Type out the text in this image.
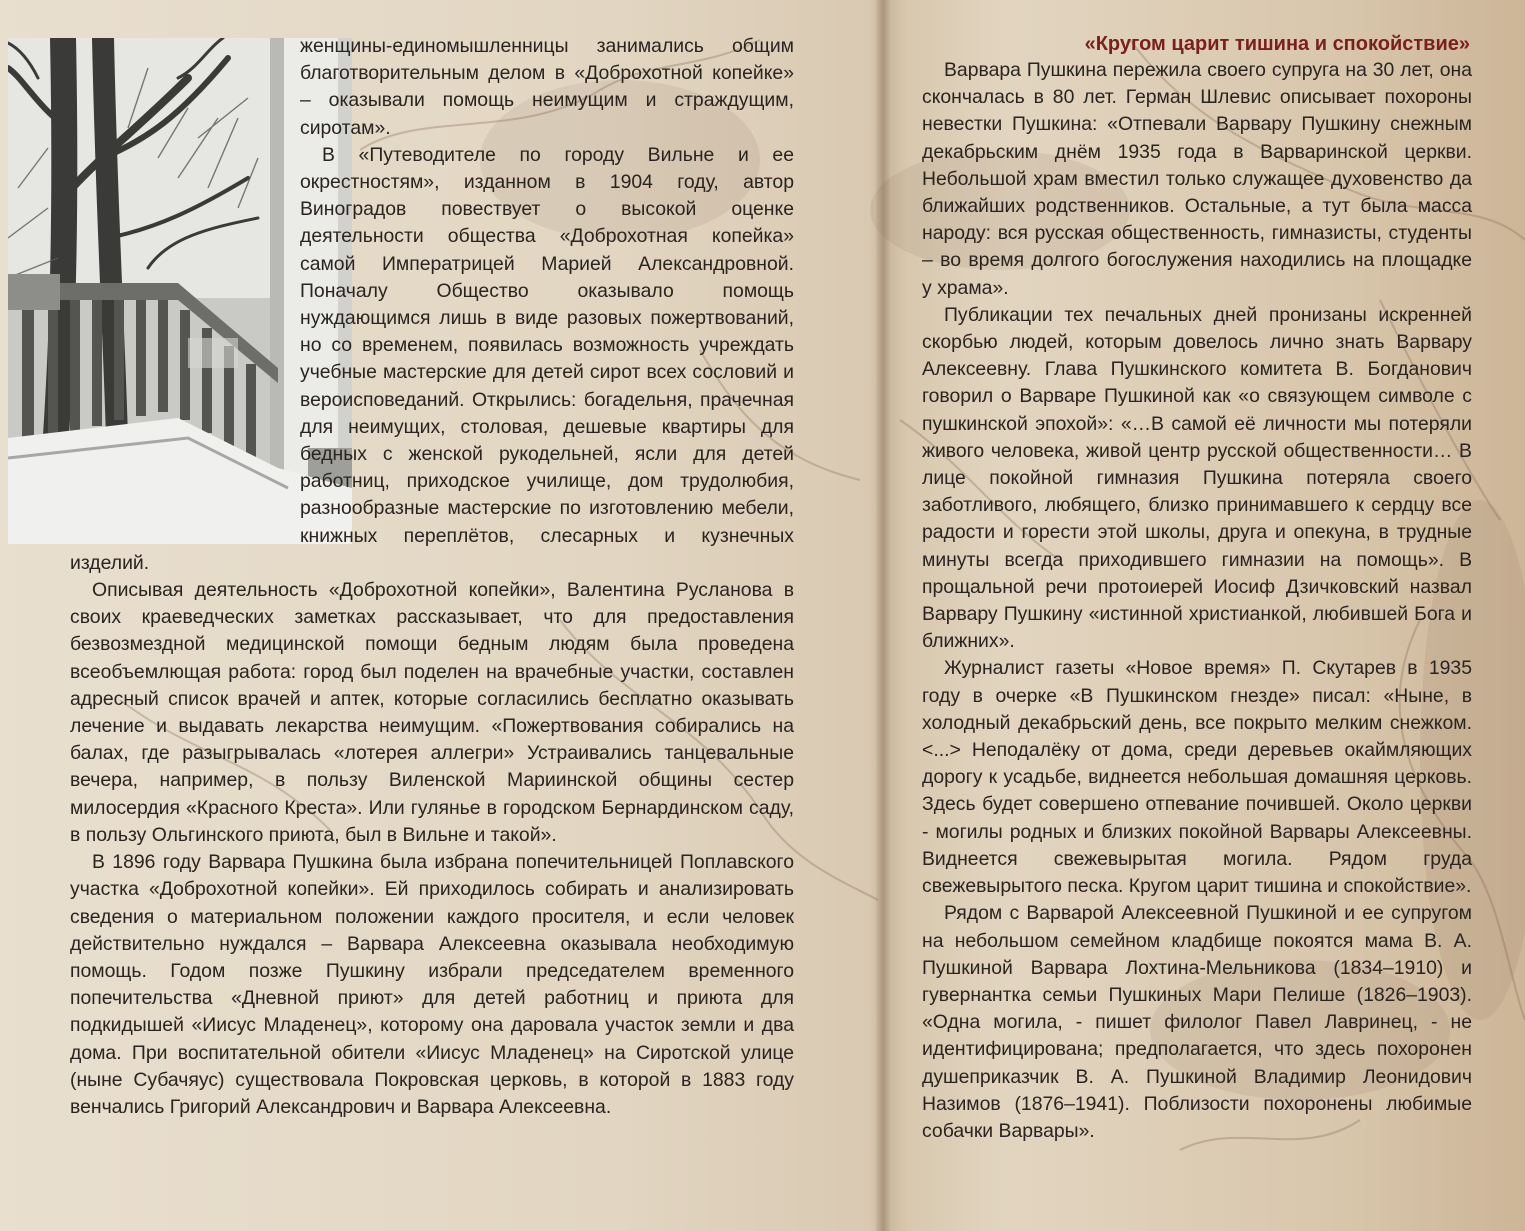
«Кругом царит тишина и спокойствие»

женщины-единомышленницы занимались общим благотворительным делом в «Доброхотной копейке» – оказывали помощь неимущим и страждущим, сиротам».

В «Путеводителе по городу Вильне и ее окрестностям», изданном в 1904 году, автор Виноградов повествует о высокой оценке деятельности общества «Доброхотная копейка» самой Императрицей Марией Александровной. Поначалу Общество оказывало помощь нуждающимся лишь в виде разовых пожертвований, но со временем, появилась возможность учреждать учебные мастерские для детей сирот всех сословий и вероисповеданий. Открылись: богадельня, прачечная для неимущих, столовая, дешевые квартиры для бедных с женской рукодельней, ясли для детей работниц, приходское училище, дом трудолюбия, разнообразные мастерские по изготовлению мебели, книжных переплётов, слесарных и кузнечных изделий.

Описывая деятельность «Доброхотной копейки», Валентина Русланова в своих краеведческих заметках рассказывает, что для предоставления безвозмездной медицинской помощи бедным людям была проведена всеобъемлющая работа: город был поделен на врачебные участки, составлен адресный список врачей и аптек, которые согласились бесплатно оказывать лечение и выдавать лекарства неимущим. «Пожертвования собирались на балах, где разыгрывалась «лотерея аллегри» Устраивались танцевальные вечера, например, в пользу Виленской Мариинской общины сестер милосердия «Красного Креста». Или гулянье в городском Бернардинском саду, в пользу Ольгинского приюта, был в Вильне и такой».

В 1896 году Варвара Пушкина была избрана попечительницей Поплавского участка «Доброхотной копейки». Ей приходилось собирать и анализировать сведения о материальном положении каждого просителя, и если человек действительно нуждался – Варвара Алексеевна оказывала необходимую помощь. Годом позже Пушкину избрали председателем временного попечительства «Дневной приют» для детей работниц и приюта для подкидышей «Иисус Младенец», которому она даровала участок земли и два дома. При воспитательной обители «Иисус Младенец» на Сиротской улице (ныне Субачяус) существовала Покровская церковь, в которой в 1883 году венчались Григорий Александрович и Варвара Алексеевна.

Варвара Пушкина пережила своего супруга на 30 лет, она скончалась в 80 лет. Герман Шлевис описывает похороны невестки Пушкина: «Отпевали Варвару Пушкину снежным декабрьским днём 1935 года в Варваринской церкви. Небольшой храм вместил только служащее духовенство да ближайших родственников. Остальные, а тут была масса народу: вся русская общественность, гимназисты, студенты – во время долгого богослужения находились на площадке у храма».

Публикации тех печальных дней пронизаны искренней скорбью людей, которым довелось лично знать Варвару Алексеевну. Глава Пушкинского комитета В. Богданович говорил о Варваре Пушкиной как «о связующем символе с пушкинской эпохой»: «…В самой её личности мы потеряли живого человека, живой центр русской общественности… В лице покойной гимназия Пушкина потеряла своего заботливого, любящего, близко принимавшего к сердцу все радости и горести этой школы, друга и опекуна, в трудные минуты всегда приходившего гимназии на помощь». В прощальной речи протоиерей Иосиф Дзичковский назвал Варвару Пушкину «истинной христианкой, любившей Бога и ближних».

Журналист газеты «Новое время» П. Скутарев в 1935 году в очерке «В Пушкинском гнезде» писал: «Ныне, в холодный декабрьский день, все покрыто мелким снежком. <...> Неподалёку от дома, среди деревьев окаймляющих дорогу к усадьбе, виднеется небольшая домашняя церковь. Здесь будет совершено отпевание почившей. Около церкви - могилы родных и близких покойной Варвары Алексеевны. Виднеется свежевырытая могила. Рядом груда свежевырытого песка. Кругом царит тишина и спокойствие».

Рядом с Варварой Алексеевной Пушкиной и ее супругом на небольшом семейном кладбище покоятся мама В. А. Пушкиной Варвара Лохтина-Мельникова (1834–1910) и гувернантка семьи Пушкиных Мари Пелише (1826–1903). «Одна могила, - пишет филолог Павел Лавринец, - не идентифицирована; предполагается, что здесь похоронен душеприказчик В. А. Пушкиной Владимир Леонидович Назимов (1876–1941). Поблизости похоронены любимые собачки Варвары».
